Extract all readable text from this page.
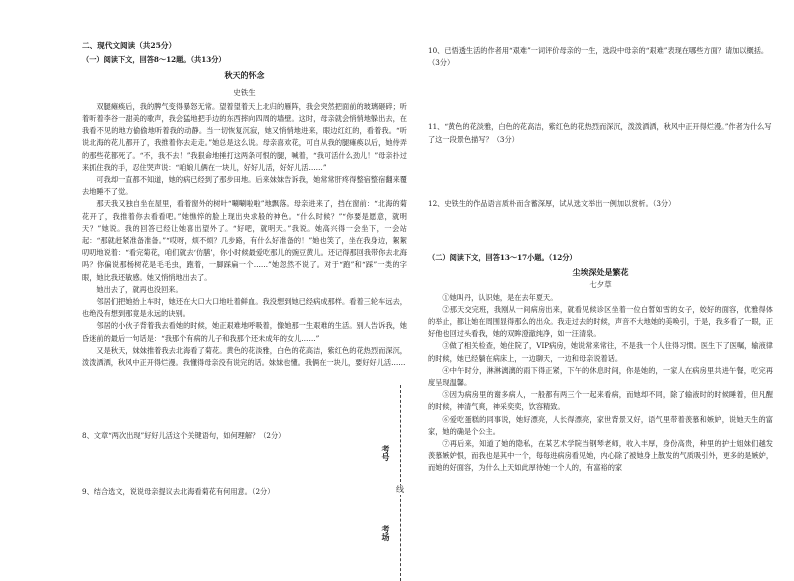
二、现代文阅读（共25分）
（一）阅读下文，回答8～12题。（共13分）
秋天的怀念
史铁生
双腿瘫痪后，我的脾气变得暴怒无常。望着望着天上北归的雁阵，我会突然把面前的玻璃砸碎；听着听着李谷一甜美的歌声，我会猛地把手边的东西摔向四周的墙壁。这时，母亲就会悄悄地躲出去，在我看不见的地方偷偷地听着我的动静。当一切恢复沉寂，她又悄悄地进来，眼边红红的，看着我。“听说北海的花儿都开了，我推着你去走走。”她总是这么说。母亲喜欢花，可自从我的腿瘫痪以后，她侍弄的那些花都死了。“不，我不去！”我狠命地捶打这两条可恨的腿，喊着，“我可活什么劲儿！”母亲扑过来抓住我的手，忍住哭声说：“咱娘儿俩在一块儿，好好儿活，好好儿活……”
可我却一直都不知道，她的病已经到了那步田地。后来妹妹告诉我，她常常肝疼得整宿整宿翻来覆去地睡不了觉。
那天我又独自坐在屋里，看着窗外的树叶“唰唰啦啦”地飘落。母亲进来了，挡在窗前：“北海的菊花开了，我推着你去看看吧。”她憔悴的脸上现出央求般的神色。“什么时候？”“你要是愿意，就明天？”她说。我的回答已经让她喜出望外了。“好吧，就明天。”我说。她高兴得一会坐下，一会站起：“那就赶紧准备准备。”“哎呀，烦不烦？几步路，有什么好准备的！”她也笑了，坐在我身边，絮絮叨叨地说着：“看完菊花，咱们就去‘仿膳’，你小时候最爱吃那儿的豌豆黄儿。还记得那回我带你去北海吗？你偏说那杨树花是毛毛虫，跑着，一脚踩扁一个……”她忽然不说了。对于“跑”和“踩”一类的字眼，她比我还敏感。她又悄悄地出去了。
她出去了，就再也没回来。
邻居们把她抬上车时，她还在大口大口地吐着鲜血。我没想到她已经病成那样。看着三轮车远去，也绝没有想到那竟是永远的诀别。
邻居的小伙子背着我去看她的时候，她正艰难地呼吸着，像她那一生艰难的生活。别人告诉我，她昏迷前的最后一句话是：“我那个有病的儿子和我那个还未成年的女儿……”
又是秋天，妹妹推着我去北海看了菊花。黄色的花淡雅，白色的花高洁，紫红色的花热烈而深沉，泼泼洒洒，秋风中正开得烂漫。我懂得母亲没有说完的话。妹妹也懂。我俩在一块儿，要好好儿活……
8、文章“两次出现”好好儿活这个关键语句，如何理解？（2分）
9、结合选文，说说母亲提议去北海看菊花有何用意。（2分）
考号
考场
线
10、已悟透生活的作者用“艰难”一词评价母亲的一生，选段中母亲的“艰难”表现在哪些方面？请加以概括。（3分）
11、“黄色的花淡雅，白色的花高洁，紫红色的花热烈而深沉，泼泼洒洒，秋风中正开得烂漫。”作者为什么写了这一段景色描写？（3分）
12、史铁生的作品语言质朴而含蓄深厚，试从选文举出一例加以赏析。（3分）
（二）阅读下文，回答13～17小题。（12分）
尘埃深处是繁花
七夕草
①她叫丹，认识她，是在去年夏天。
②那天交完班，我刚从一间病房出来，就看见候诊区坐着一位白皙如雪的女子，姣好的面容，优雅得体的举止，都让她在周围显得那么的出众。我走过去的时候，声音不大地她的美唤引，于是，我多看了一眼，正好他也回过头看我，她的双眸澄澈纯净，如一汪清泉。
③做了相关检查，她住院了，VIP病房，她说常来常往，不是我一个人住得习惯。医生下了医嘱，输液律的时候，她已经躺在病床上，一边聊天，一边和母亲说着话。
④中午时分，淋淋漓漓的雨下得正紧，下午的休息时间，你是她的，一家人在病房里共进午餐，吃完再度呈现温馨。
⑤因为病房里的谢多病人，一般都有两三个一起来看病，而她却不同，除了输液时的时候睡着，但凡醒的时候，神清气爽，神采奕奕，饮容精致。
⑥爱吃蛋糕的同事说，她好漂亮，人长得漂亮，家世背景又好，语气里带着羡慕和嫉妒，说她天生的富家，她的确是个公主。
⑦再后来，知道了她的隐私，在某艺术学院当钢琴老师，收入丰厚，身份高贵，种里的护士姐妹们越发羡慕嫉妒恨，而我也是其中一个，每每进病房看见她，内心除了被她身上散发的气质吸引外，更多的是嫉妒，而她的好面容，为什么上天如此厚待她一个人的，有富裕的家
